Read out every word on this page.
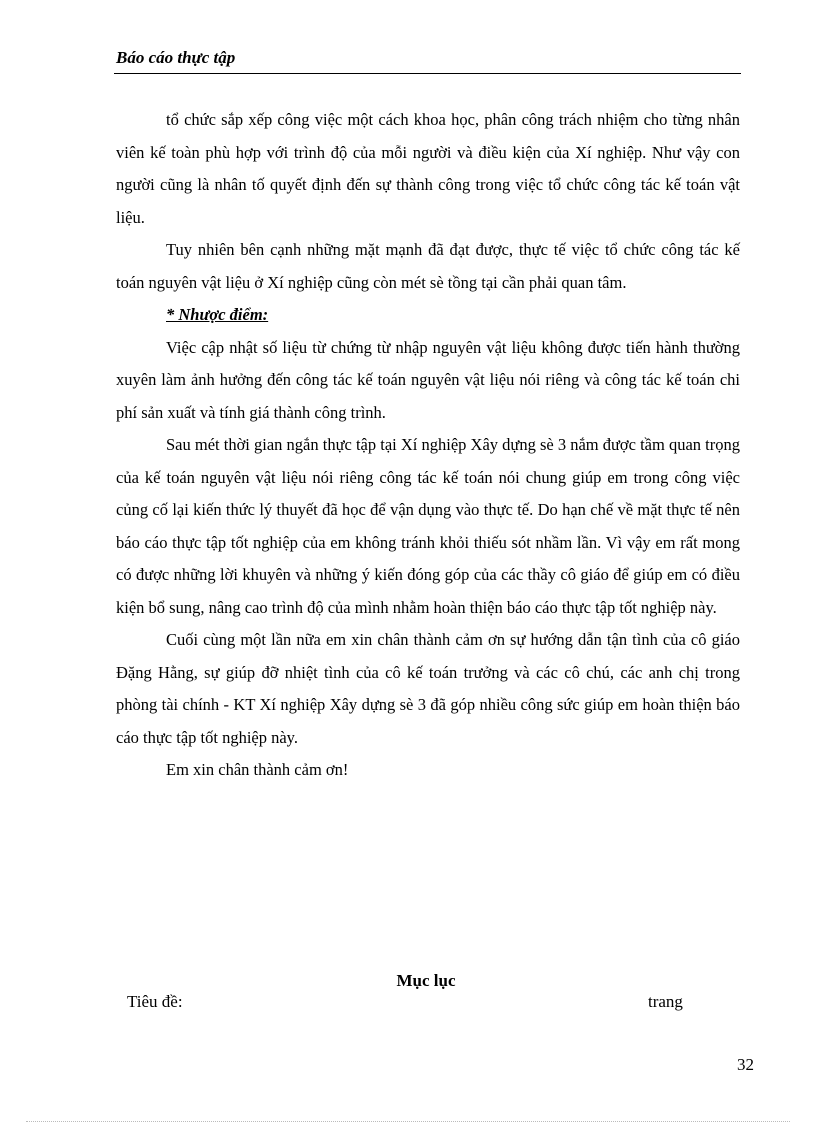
Báo cáo thực tập

tổ chức sắp xếp công việc một cách khoa học, phân công trách nhiệm cho từng nhân viên kế toàn phù hợp với trình độ của mỗi người và điều kiện của Xí nghiệp. Như vậy con người cũng là nhân tố quyết định đến sự thành công trong việc tổ chức công tác kế toán vật liệu.

Tuy nhiên bên cạnh những mặt mạnh đã đạt được, thực tế việc tổ chức công tác kế toán nguyên vật liệu ở Xí nghiệp cũng còn mét sè tồng tại cần phải quan tâm.

* Nhược điểm:

Việc cập nhật số liệu từ chứng từ nhập nguyên vật liệu không được tiến hành thường xuyên làm ảnh hưởng đến công tác kế toán nguyên vật liệu nói riêng và công tác kế toán chi phí sản xuất và tính giá thành công trình.

Sau mét thời gian ngắn thực tập tại Xí nghiệp Xây dựng sè 3 nắm được tầm quan trọng của kế toán nguyên vật liệu nói riêng công tác kế toán nói chung giúp em trong công việc củng cố lại kiến thức lý thuyết đã học để vận dụng vào thực tế. Do hạn chế về mặt thực tế nên báo cáo thực tập tốt nghiệp của em không tránh khỏi thiếu sót nhầm lần. Vì vậy em rất mong có được những lời khuyên và những ý kiến đóng góp của các thầy cô giáo để giúp em có điều kiện bổ sung, nâng cao trình độ của mình nhằm hoàn thiện báo cáo thực tập tốt nghiệp này.

Cuối cùng một lần nữa em xin chân thành cảm ơn sự hướng dẫn tận tình của cô giáo Đặng Hằng, sự giúp đỡ nhiệt tình của cô kế toán trưởng và các cô chú, các anh chị trong phòng tài chính - KT Xí nghiệp Xây dựng sè 3 đã góp nhiều công sức giúp em hoàn thiện báo cáo thực tập tốt nghiệp này.

Em xin chân thành cảm ơn!

Mục lục
Tiêu đề:	trang
32
